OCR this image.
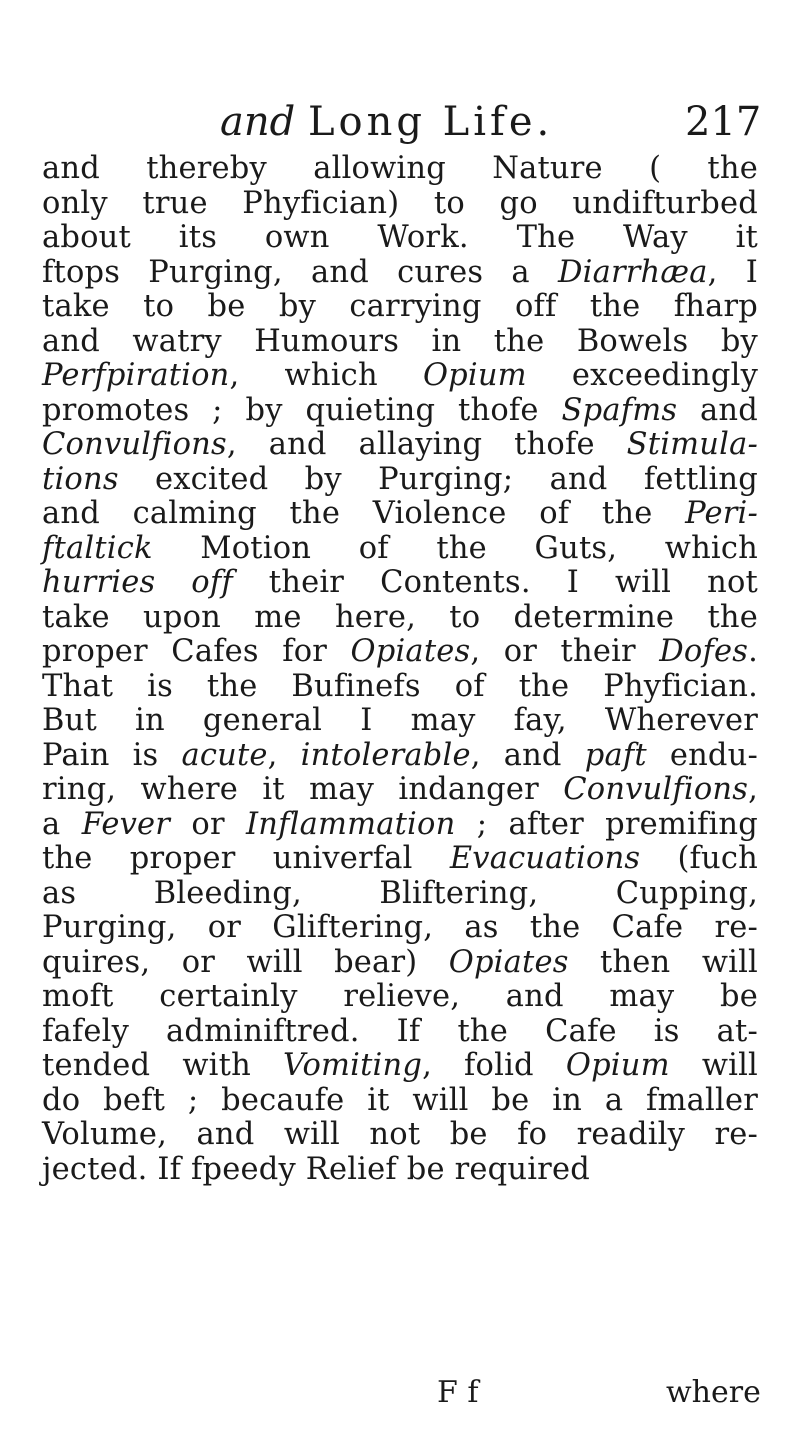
and Long Life.	217
and thereby allowing Nature ( the
only true Phyfician) to go undifturbed
about its own Work. The Way it
ftops Purging, and cures a Diarrhæa, I
take to be by carrying off the fharp
and watry Humours in the Bowels by
Perfpiration, which Opium exceedingly
promotes ; by quieting thofe Spafms and
Convulfions, and allaying thofe Stimula-
tions excited by Purging; and fettling
and calming the Violence of the Peri-
ftaltick Motion of the Guts, which
hurries off their Contents. I will not
take upon me here, to determine the
proper Cafes for Opiates, or their Dofes.
That is the Bufinefs of the Phyfician.
But in general I may fay, Wherever
Pain is acute, intolerable, and paft endu-
ring, where it may indanger Convulfions,
a Fever or Inflammation ; after premifing
the proper univerfal Evacuations (fuch
as Bleeding, Bliftering, Cupping,
Purging, or Gliftering, as the Cafe re-
quires, or will bear) Opiates then will
moft certainly relieve, and may be
fafely adminiftred. If the Cafe is at-
tended with Vomiting, folid Opium will
do beft ; becaufe it will be in a fmaller
Volume, and will not be fo readily re-
jected. If fpeedy Relief be required
F f	where
